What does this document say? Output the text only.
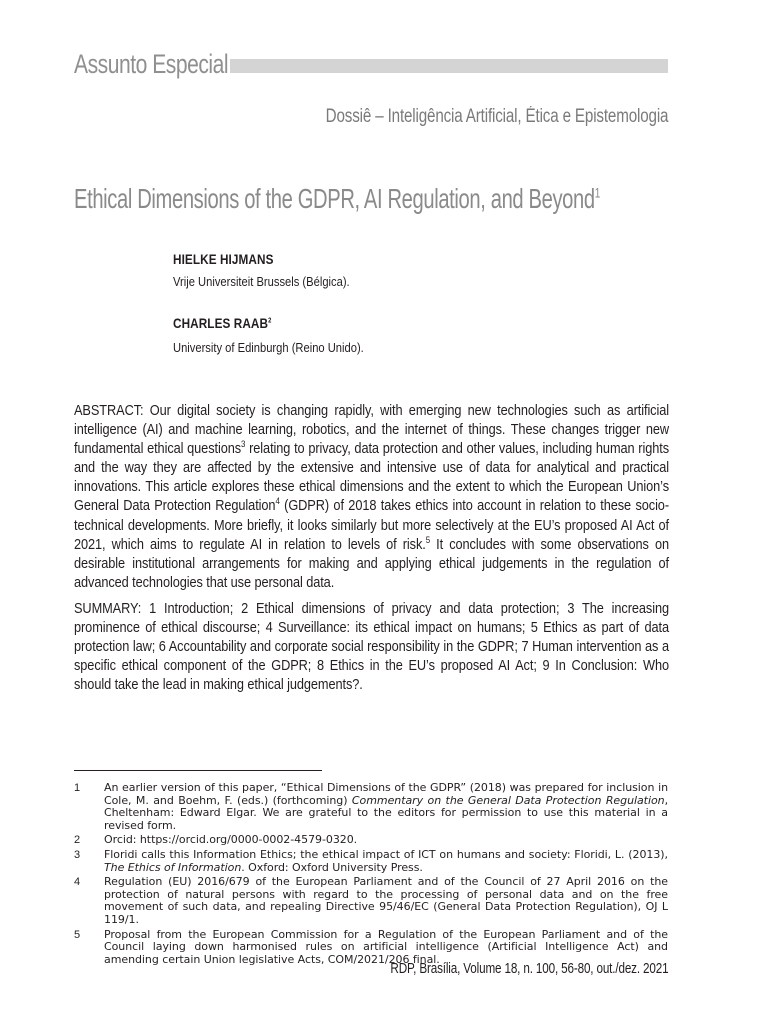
Assunto Especial
Dossiê – Inteligência Artificial, Ética e Epistemologia
Ethical Dimensions of the GDPR, AI Regulation, and Beyond$^1$
HIELKE HIJMANS
Vrije Universiteit Brussels (Bélgica).
CHARLES RAAB$^2$
University of Edinburgh (Reino Unido).
ABSTRACT: Our digital society is changing rapidly, with emerging new technologies such as artificial intelligence (AI) and machine learning, robotics, and the internet of things. These changes trigger new fundamental ethical questions$^3$ relating to privacy, data protection and other values, including human rights and the way they are affected by the extensive and intensive use of data for analytical and practical innovations. This article explores these ethical dimensions and the extent to which the European Union’s General Data Protection Regulation$^4$ (GDPR) of 2018 takes ethics into account in relation to these socio-technical developments. More briefly, it looks similarly but more selectively at the EU’s proposed AI Act of 2021, which aims to regulate AI in relation to levels of risk.$^5$ It concludes with some observations on desirable institutional arrangements for making and applying ethical judgements in the regulation of advanced technologies that use personal data.
SUMMARY: 1 Introduction; 2 Ethical dimensions of privacy and data protection; 3 The increasing prominence of ethical discourse; 4 Surveillance: its ethical impact on humans; 5 Ethics as part of data protection law; 6 Accountability and corporate social responsibility in the GDPR; 7 Human intervention as a specific ethical component of the GDPR; 8 Ethics in the EU’s proposed AI Act; 9 In Conclusion: Who should take the lead in making ethical judgements?.
1	An earlier version of this paper, “Ethical Dimensions of the GDPR” (2018) was prepared for inclusion in Cole, M. and Boehm, F. (eds.) (forthcoming) Commentary on the General Data Protection Regulation, Cheltenham: Edward Elgar. We are grateful to the editors for permission to use this material in a revised form.
2	Orcid: https://orcid.org/0000-0002-4579-0320.
3	Floridi calls this Information Ethics; the ethical impact of ICT on humans and society: Floridi, L. (2013), The Ethics of Information. Oxford: Oxford University Press.
4	Regulation (EU) 2016/679 of the European Parliament and of the Council of 27 April 2016 on the protection of natural persons with regard to the processing of personal data and on the free movement of such data, and repealing Directive 95/46/EC (General Data Protection Regulation), OJ L 119/1.
5	Proposal from the European Commission for a Regulation of the European Parliament and of the Council laying down harmonised rules on artificial intelligence (Artificial Intelligence Act) and amending certain Union legislative Acts, COM/2021/206 final.
RDP, Brasília, Volume 18, n. 100, 56-80, out./dez. 2021
